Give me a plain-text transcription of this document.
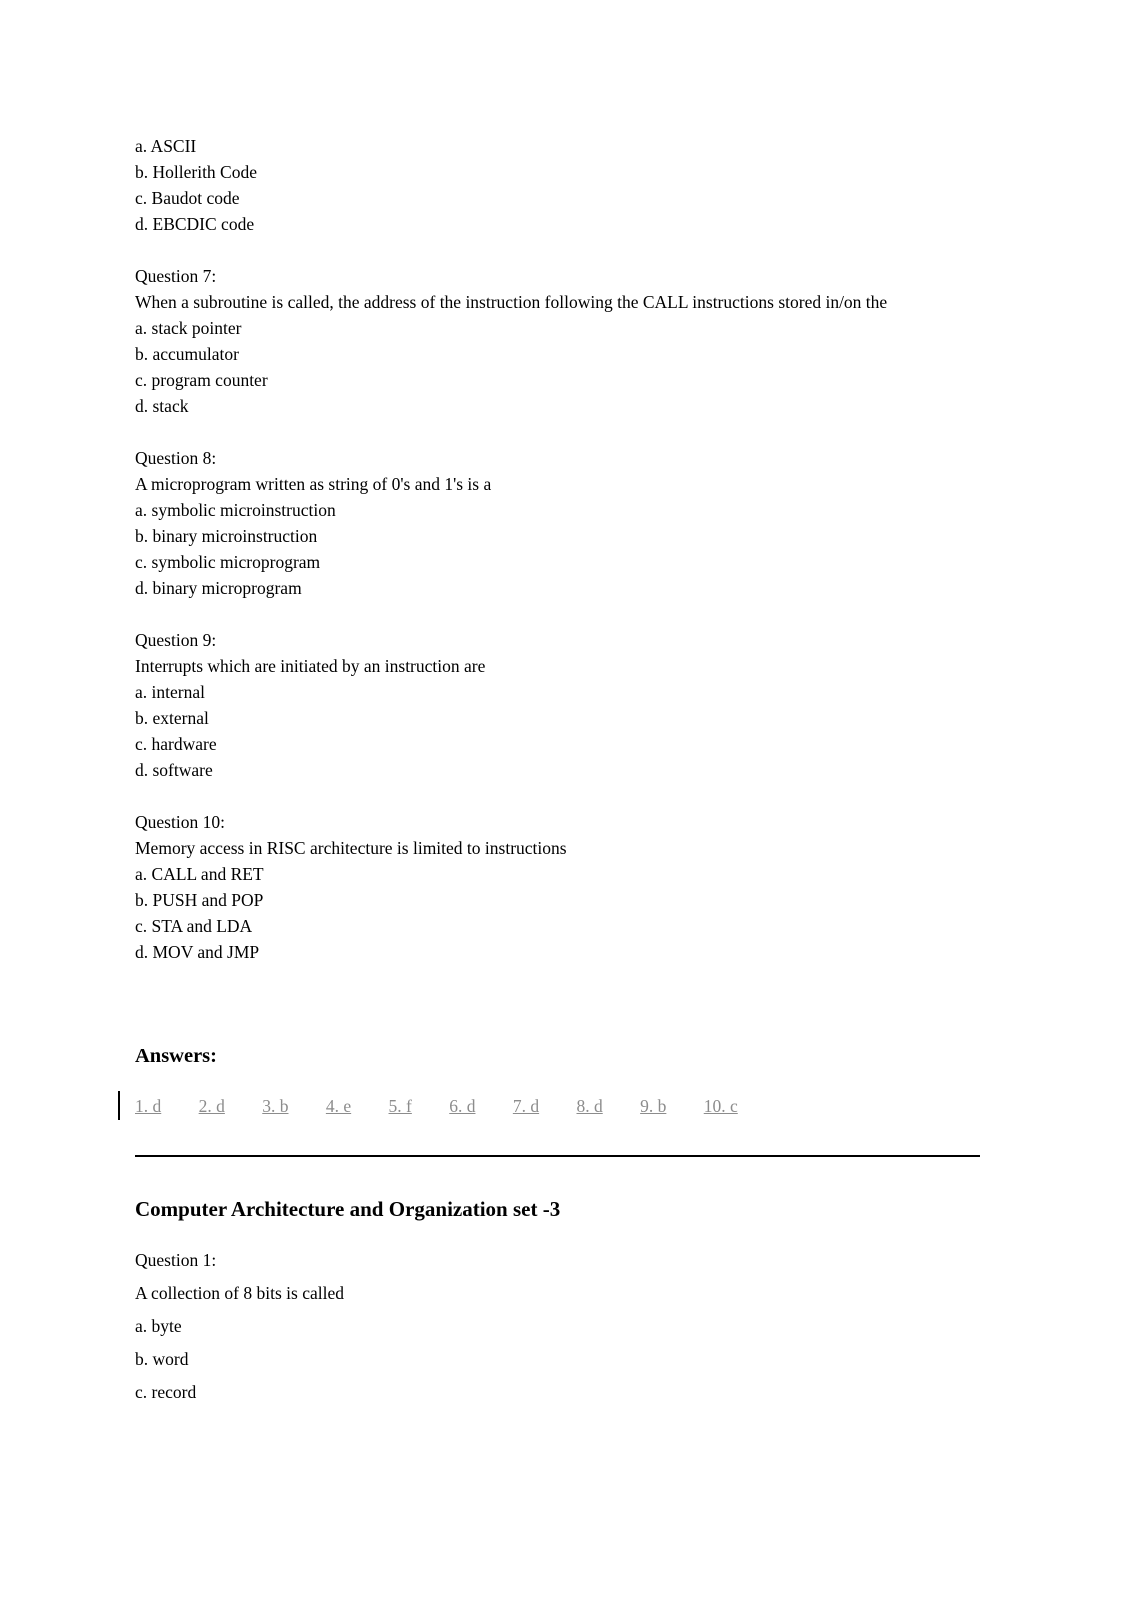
a. ASCII

b. Hollerith Code

c. Baudot code

d. EBCDIC code

Question 7:

When a subroutine is called, the address of the instruction following the CALL instructions stored in/on the

a. stack pointer

b. accumulator

c. program counter

d. stack

Question 8:

A microprogram written as string of 0's and 1's is a

a. symbolic microinstruction

b. binary microinstruction

c. symbolic microprogram

d. binary microprogram

Question 9:

Interrupts which are initiated by an instruction are

a. internal

b. external

c. hardware

d. software

Question 10:

Memory access in RISC architecture is limited to instructions

a. CALL and RET

b. PUSH and POP

c. STA and LDA

d. MOV and JMP

Answers:
1. d 2. d 3. b 4. e 5. f 6. d 7. d 8. d 9. b 10. c
Computer Architecture and Organization set -3

Question 1:

A collection of 8 bits is called

a. byte

b. word

c. record
